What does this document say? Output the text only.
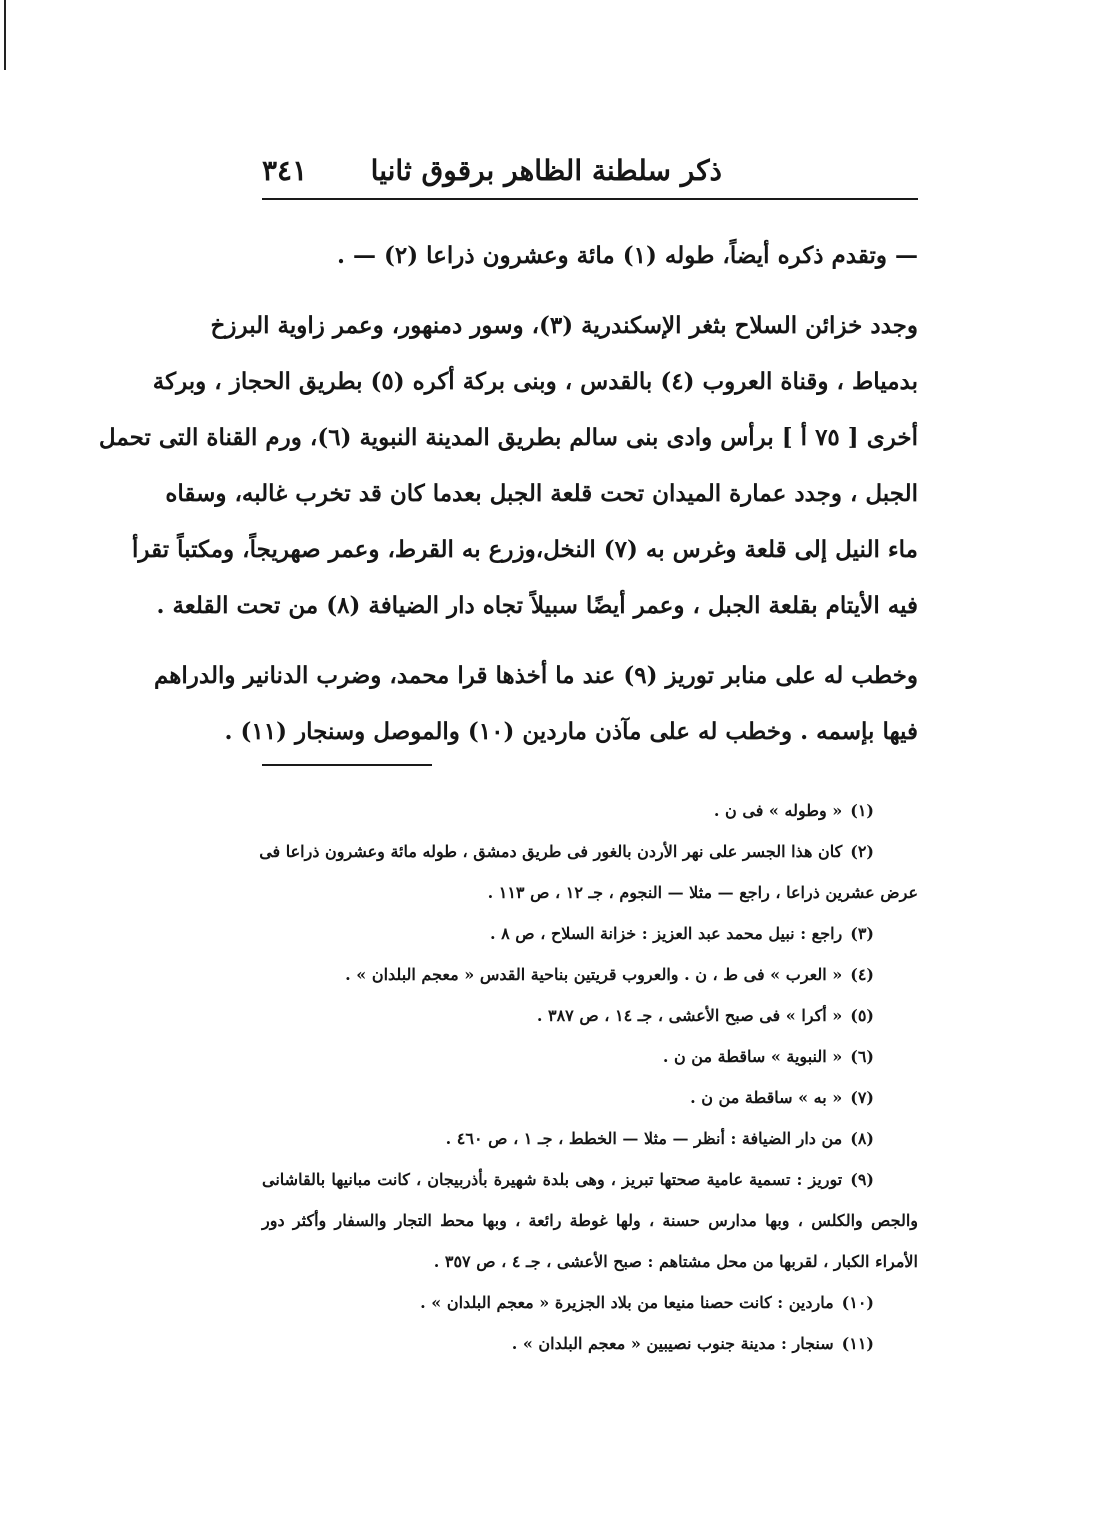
ذكر سلطنة الظاهر برقوق ثانيا
٣٤١
— وتقدم ذكره أيضاً، طوله (١) مائة وعشرون ذراعا (٢) — .
وجدد خزائن السلاح بثغر الإسكندرية (٣)، وسور دمنهور، وعمر زاوية البرزخ
بدمياط ، وقناة العروب (٤) بالقدس ، وبنى بركة أكره (٥) بطريق الحجاز ، وبركة
أخرى [ ٧٥ أ ] برأس وادى بنى سالم بطريق المدينة النبوية (٦)، ورم القناة التى تحمل
الجبل ، وجدد عمارة الميدان تحت قلعة الجبل بعدما كان قد تخرب غالبه، وسقاه
ماء النيل إلى قلعة وغرس به (٧) النخل،وزرع به القرط، وعمر صهريجاً، ومكتباً تقرأ
فيه الأيتام بقلعة الجبل ، وعمر أيضًا سبيلاً تجاه دار الضيافة (٨) من تحت القلعة .
وخطب له على منابر توريز (٩) عند ما أخذها قرا محمد، وضرب الدنانير والدراهم
فيها بإسمه . وخطب له على مآذن ماردين (١٠) والموصل وسنجار (١١) .
(١)« وطوله » فى ن .
(٢)كان هذا الجسر على نهر الأردن بالغور فى طريق دمشق ، طوله مائة وعشرون ذراعا فى
عرض عشرين ذراعا ، راجع — مثلا — النجوم ، جـ ١٢ ، ص ١١٣ .
(٣)راجع : نبيل محمد عبد العزيز : خزانة السلاح ، ص ٨ .
(٤)« العرب » فى ط ، ن . والعروب قريتين بناحية القدس « معجم البلدان » .
(٥)« أكرا » فى صبح الأعشى ، جـ ١٤ ، ص ٣٨٧ .
(٦)« النبوية » ساقطة من ن .
(٧)« به » ساقطة من ن .
(٨)من دار الضيافة : أنظر — مثلا — الخطط ، جـ ١ ، ص ٤٦٠ .
(٩)توريز : تسمية عامية صحتها تبريز ، وهى بلدة شهيرة بأذربيجان ، كانت مبانيها بالقاشانى
والجص والكلس ، وبها مدارس حسنة ، ولها غوطة رائعة ، وبها محط التجار والسفار وأكثر دور
الأمراء الكبار ، لقربها من محل مشتاهم : صبح الأعشى ، جـ ٤ ، ص ٣٥٧ .
(١٠)ماردين : كانت حصنا منيعا من بلاد الجزيرة « معجم البلدان » .
(١١)سنجار : مدينة جنوب نصيبين « معجم البلدان » .
